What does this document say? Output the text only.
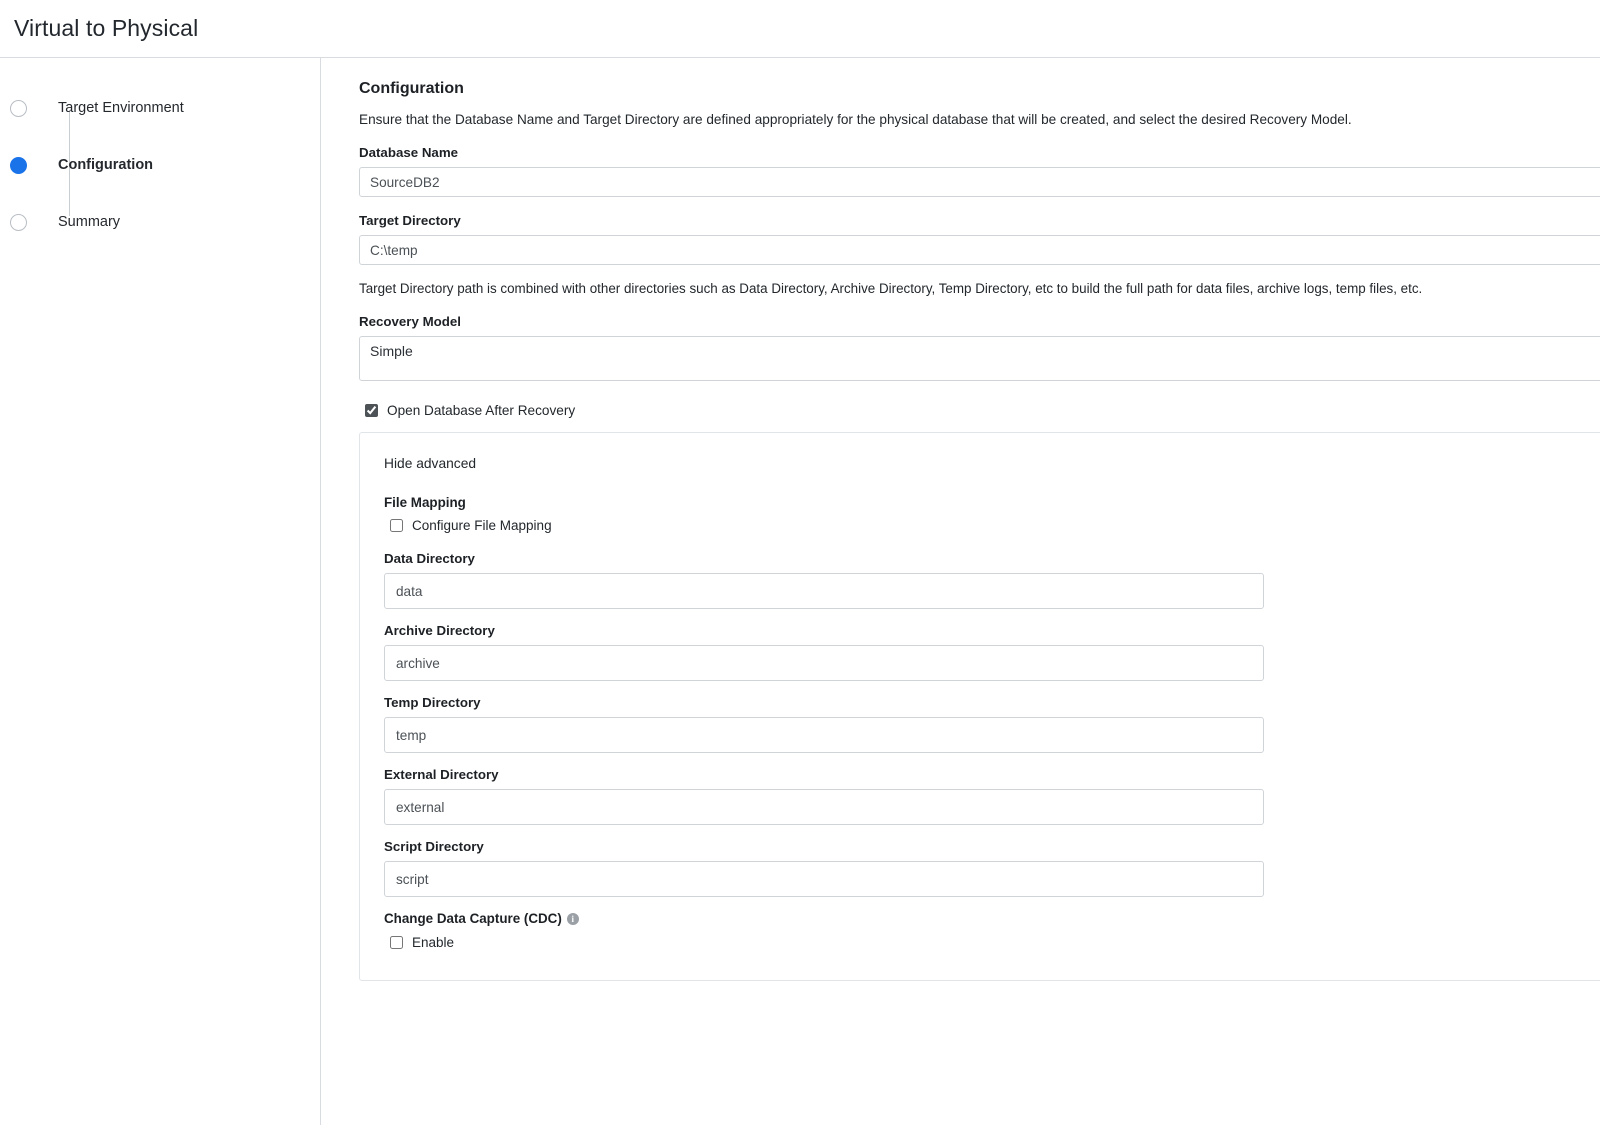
Virtual to Physical
Target Environment
Configuration
Summary
Configuration
Ensure that the Database Name and Target Directory are defined appropriately for the physical database that will be created, and select the desired Recovery Model.
Database Name
SourceDB2
Target Directory
C:\temp
Target Directory path is combined with other directories such as Data Directory, Archive Directory, Temp Directory, etc to build the full path for data files, archive logs, temp files, etc.
Recovery Model
Simple
Open Database After Recovery
Hide advanced
File Mapping
Configure File Mapping
Data Directory
data
Archive Directory
archive
Temp Directory
temp
External Directory
external
Script Directory
script
Change Data Capture (CDC)	i
Enable
